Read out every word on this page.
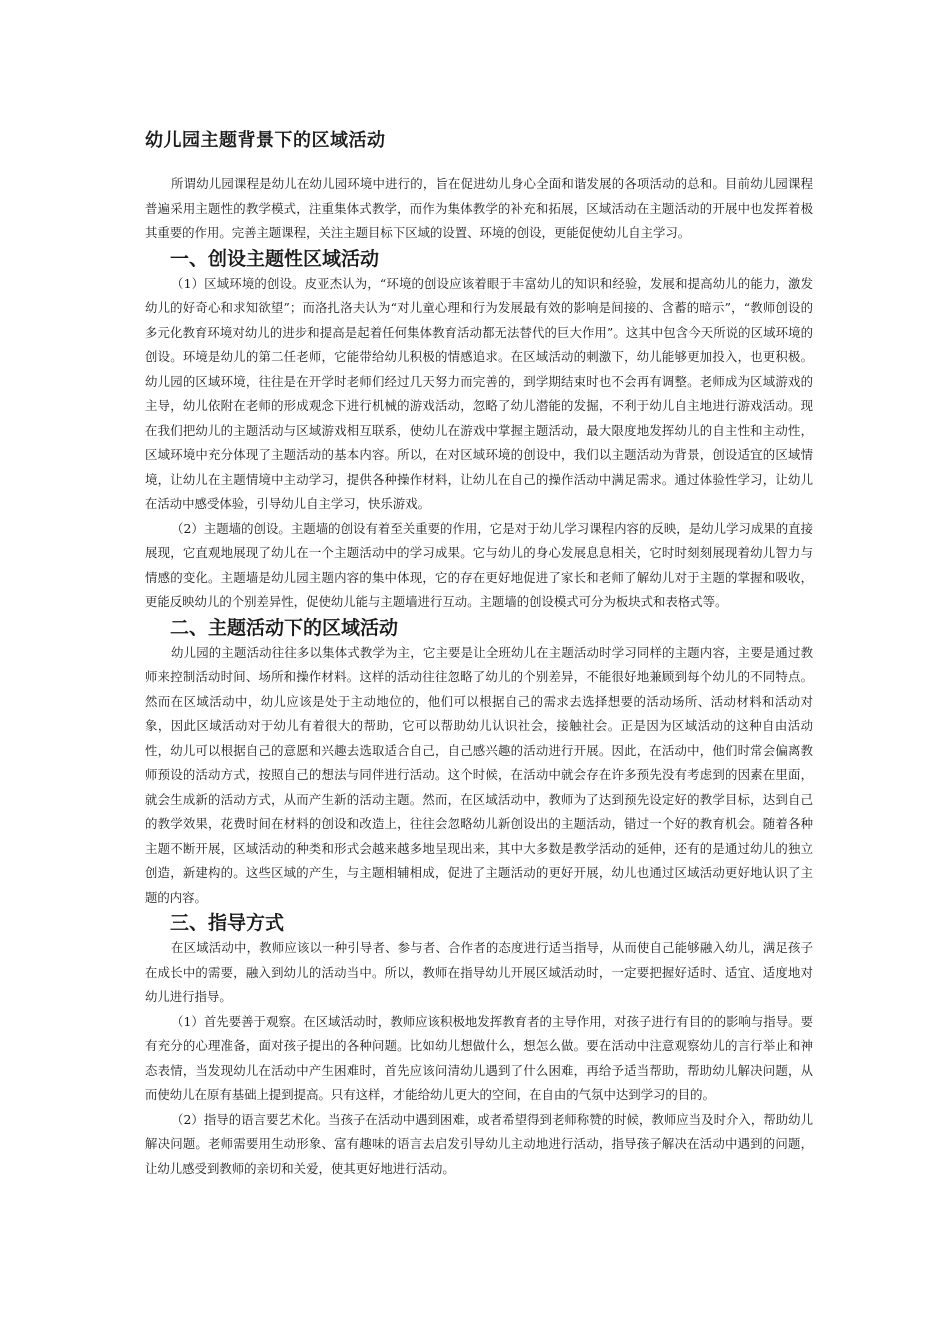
幼儿园主题背景下的区域活动

所谓幼儿园课程是幼儿在幼儿园环境中进行的，旨在促进幼儿身心全面和谐发展的各项活动的总和。目前幼儿园课程普遍采用主题性的教学模式，注重集体式教学，而作为集体教学的补充和拓展，区域活动在主题活动的开展中也发挥着极其重要的作用。完善主题课程，关注主题目标下区域的设置、环境的创设，更能促使幼儿自主学习。

一、创设主题性区域活动

（1）区域环境的创设。皮亚杰认为，“环境的创设应该着眼于丰富幼儿的知识和经验，发展和提高幼儿的能力，激发幼儿的好奇心和求知欲望”；而洛扎洛夫认为“对儿童心理和行为发展最有效的影响是间接的、含蓄的暗示”，“教师创设的多元化教育环境对幼儿的进步和提高是起着任何集体教育活动都无法替代的巨大作用”。这其中包含今天所说的区域环境的创设。环境是幼儿的第二任老师，它能带给幼儿积极的情感追求。在区域活动的刺激下，幼儿能够更加投入，也更积极。幼儿园的区域环境，往往是在开学时老师们经过几天努力而完善的，到学期结束时也不会再有调整。老师成为区域游戏的主导，幼儿依附在老师的形成观念下进行机械的游戏活动，忽略了幼儿潜能的发掘，不利于幼儿自主地进行游戏活动。现在我们把幼儿的主题活动与区域游戏相互联系，使幼儿在游戏中掌握主题活动，最大限度地发挥幼儿的自主性和主动性，区域环境中充分体现了主题活动的基本内容。所以，在对区域环境的创设中，我们以主题活动为背景，创设适宜的区域情境，让幼儿在主题情境中主动学习，提供各种操作材料，让幼儿在自己的操作活动中满足需求。通过体验性学习，让幼儿在活动中感受体验，引导幼儿自主学习，快乐游戏。

（2）主题墙的创设。主题墙的创设有着至关重要的作用，它是对于幼儿学习课程内容的反映，是幼儿学习成果的直接展现，它直观地展现了幼儿在一个主题活动中的学习成果。它与幼儿的身心发展息息相关，它时时刻刻展现着幼儿智力与情感的变化。主题墙是幼儿园主题内容的集中体现，它的存在更好地促进了家长和老师了解幼儿对于主题的掌握和吸收，更能反映幼儿的个别差异性，促使幼儿能与主题墙进行互动。主题墙的创设模式可分为板块式和表格式等。

二、主题活动下的区域活动

幼儿园的主题活动往往多以集体式教学为主，它主要是让全班幼儿在主题活动时学习同样的主题内容，主要是通过教师来控制活动时间、场所和操作材料。这样的活动往往忽略了幼儿的个别差异，不能很好地兼顾到每个幼儿的不同特点。然而在区域活动中，幼儿应该是处于主动地位的，他们可以根据自己的需求去选择想要的活动场所、活动材料和活动对象，因此区域活动对于幼儿有着很大的帮助，它可以帮助幼儿认识社会，接触社会。正是因为区域活动的这种自由活动性，幼儿可以根据自己的意愿和兴趣去选取适合自己，自己感兴趣的活动进行开展。因此，在活动中，他们时常会偏离教师预设的活动方式，按照自己的想法与同伴进行活动。这个时候，在活动中就会存在许多预先没有考虑到的因素在里面，就会生成新的活动方式，从而产生新的活动主题。然而，在区域活动中，教师为了达到预先设定好的教学目标，达到自己的教学效果，花费时间在材料的创设和改造上，往往会忽略幼儿新创设出的主题活动，错过一个好的教育机会。随着各种主题不断开展，区域活动的种类和形式会越来越多地呈现出来，其中大多数是教学活动的延伸，还有的是通过幼儿的独立创造，新建构的。这些区域的产生，与主题相辅相成，促进了主题活动的更好开展，幼儿也通过区域活动更好地认识了主题的内容。

三、指导方式

在区域活动中，教师应该以一种引导者、参与者、合作者的态度进行适当指导，从而使自己能够融入幼儿，满足孩子在成长中的需要，融入到幼儿的活动当中。所以，教师在指导幼儿开展区域活动时，一定要把握好适时、适宜、适度地对幼儿进行指导。

（1）首先要善于观察。在区域活动时，教师应该积极地发挥教育者的主导作用，对孩子进行有目的的影响与指导。要有充分的心理准备，面对孩子提出的各种问题。比如幼儿想做什么，想怎么做。要在活动中注意观察幼儿的言行举止和神态表情，当发现幼儿在活动中产生困难时，首先应该问清幼儿遇到了什么困难，再给予适当帮助，帮助幼儿解决问题，从而使幼儿在原有基础上提到提高。只有这样，才能给幼儿更大的空间，在自由的气氛中达到学习的目的。

（2）指导的语言要艺术化。当孩子在活动中遇到困难，或者希望得到老师称赞的时候，教师应当及时介入，帮助幼儿解决问题。老师需要用生动形象、富有趣味的语言去启发引导幼儿主动地进行活动，指导孩子解决在活动中遇到的问题，让幼儿感受到教师的亲切和关爱，使其更好地进行活动。
